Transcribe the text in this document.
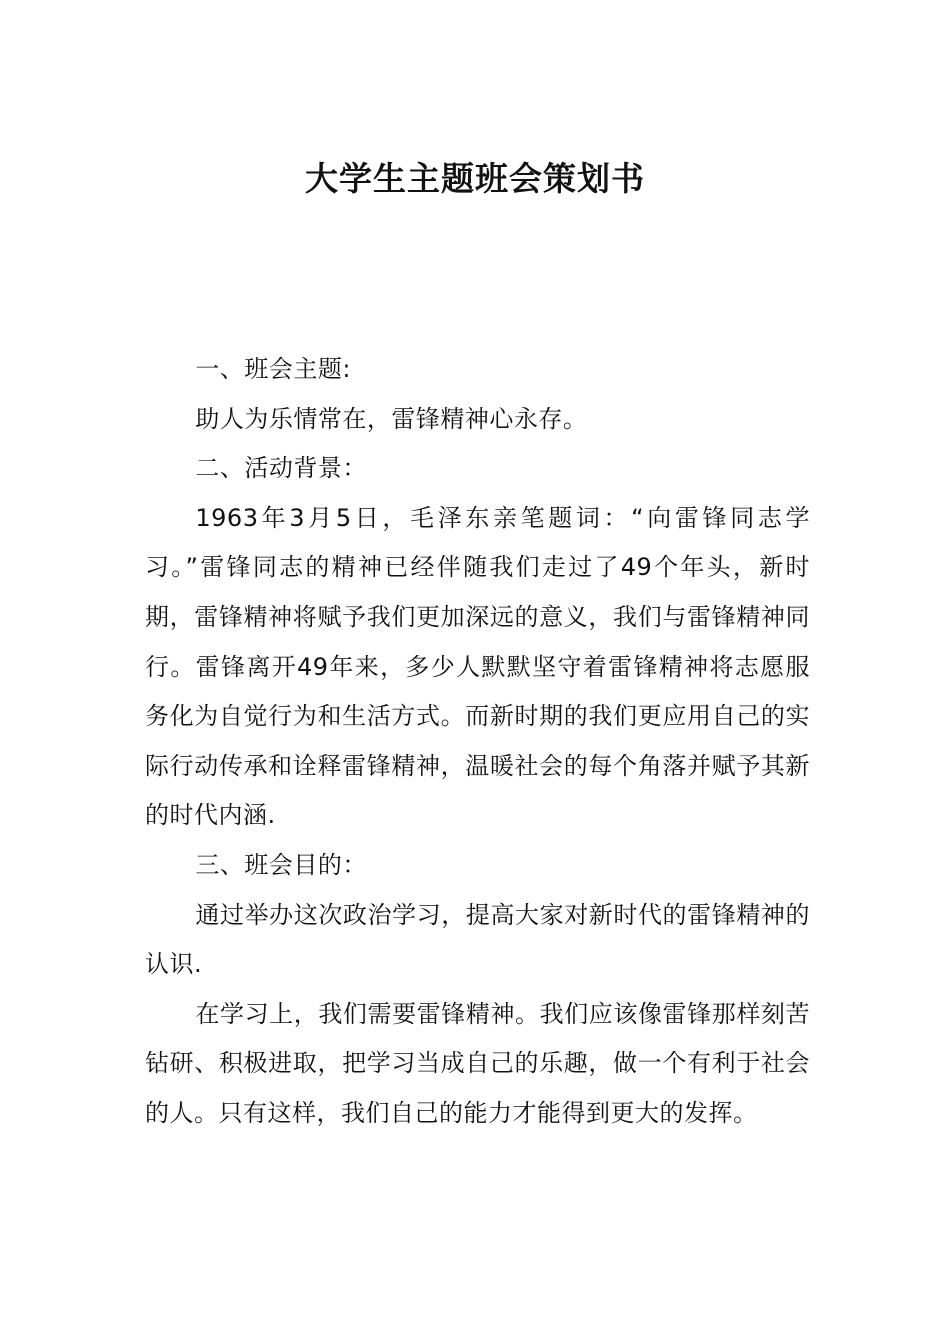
大学生主题班会策划书

一、班会主题:

助人为乐情常在，雷锋精神心永存。

二、活动背景：

1963年3月5日，毛泽东亲笔题词：“向雷锋同志学习。”雷锋同志的精神已经伴随我们走过了49个年头，新时期，雷锋精神将赋予我们更加深远的意义，我们与雷锋精神同行。雷锋离开49年来，多少人默默坚守着雷锋精神将志愿服务化为自觉行为和生活方式。而新时期的我们更应用自己的实际行动传承和诠释雷锋精神，温暖社会的每个角落并赋予其新的时代内涵.

三、班会目的：

通过举办这次政治学习，提高大家对新时代的雷锋精神的认识.

在学习上，我们需要雷锋精神。我们应该像雷锋那样刻苦钻研、积极进取，把学习当成自己的乐趣，做一个有利于社会的人。只有这样，我们自己的能力才能得到更大的发挥。
